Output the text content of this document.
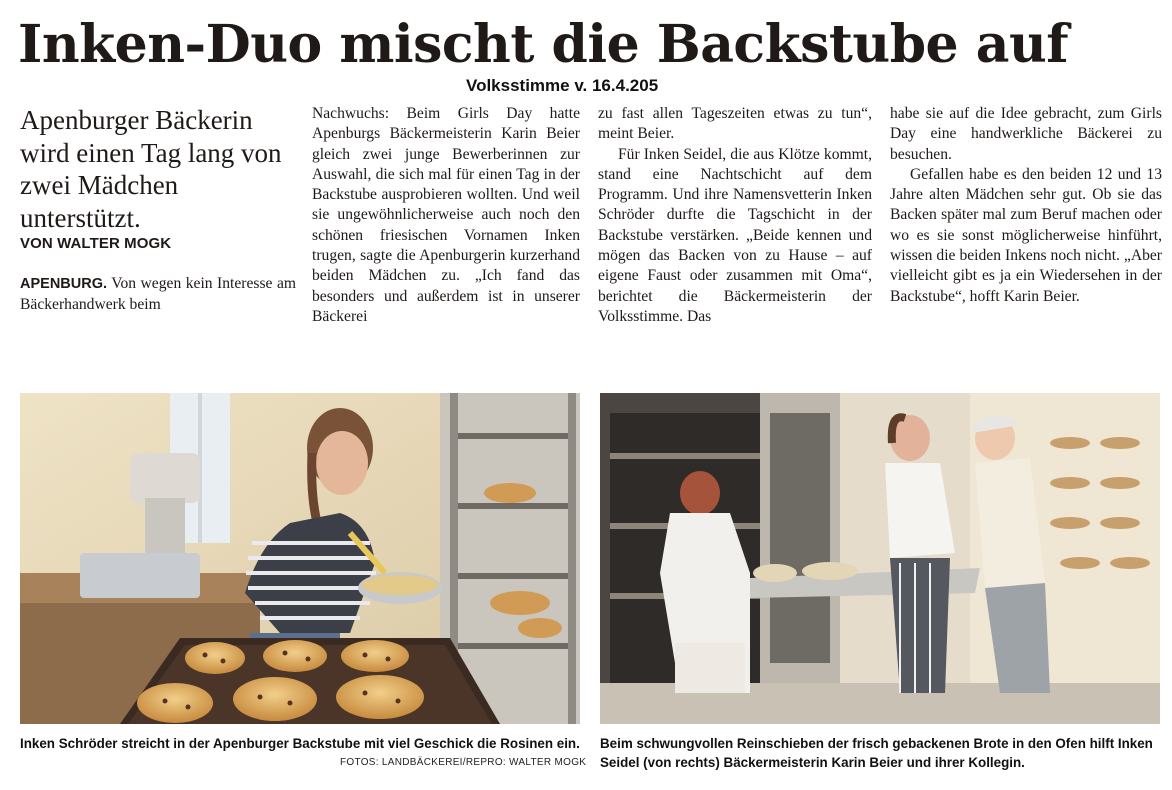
Inken-Duo mischt die Backstube auf
Volksstimme v. 16.4.205

Apenburger Bäckerin wird einen Tag lang von zwei Mädchen unterstützt.

VON WALTER MOGK

APENBURG. Von wegen kein Interesse am Bäckerhandwerk beim

Nachwuchs: Beim Girls Day hatte Apenburgs Bäckermeisterin Karin Beier gleich zwei junge Bewerberinnen zur Auswahl, die sich mal für einen Tag in der Backstube ausprobieren wollten. Und weil sie ungewöhnlicherweise auch noch den schönen friesischen Vornamen Inken trugen, sagte die Apenburgerin kurzerhand beiden Mädchen zu. „Ich fand das besonders und außerdem ist in unserer Bäckerei

zu fast allen Tageszeiten etwas zu tun“, meint Beier.

Für Inken Seidel, die aus Klötze kommt, stand eine Nachtschicht auf dem Programm. Und ihre Namensvetterin Inken Schröder durfte die Tagschicht in der Backstube verstärken. „Beide kennen und mögen das Backen von zu Hause – auf eigene Faust oder zusammen mit Oma“, berichtet die Bäckermeisterin der Volksstimme. Das

habe sie auf die Idee gebracht, zum Girls Day eine handwerkliche Bäckerei zu besuchen.

Gefallen habe es den beiden 12 und 13 Jahre alten Mädchen sehr gut. Ob sie das Backen später mal zum Beruf machen oder wo es sie sonst möglicherweise hinführt, wissen die beiden Inkens noch nicht. „Aber vielleicht gibt es ja ein Wiedersehen in der Backstube“, hofft Karin Beier.

Inken Schröder streicht in der Apenburger Backstube mit viel Geschick die Rosinen ein.
FOTOS: LANDBÄCKEREI/REPRO: WALTER MOGK
Beim schwungvollen Reinschieben der frisch gebackenen Brote in den Ofen hilft Inken Seidel (von rechts) Bäckermeisterin Karin Beier und ihrer Kollegin.
